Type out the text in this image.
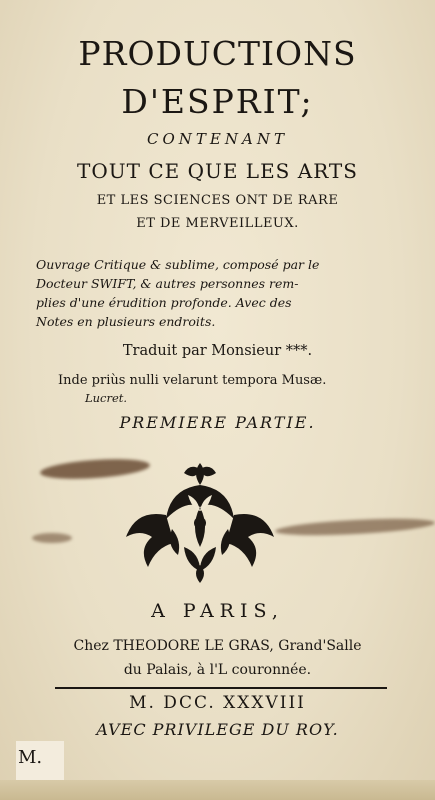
PRODUCTIONS
D'ESPRIT;
CONTENANT
TOUT CE QUE LES ARTS
ET LES SCIENCES ONT DE RARE
ET DE MERVEILLEUX.
Ouvrage Critique & sublime, composé par le
Docteur SWIFT, & autres personnes rem-
plies d'une érudition profonde. Avec des
Notes en plusieurs endroits.
Traduit par Monsieur ***.
Inde priùs nulli velarunt tempora Musæ.
Lucret.
PREMIERE PARTIE.
A PARIS,
Chez THEODORE LE GRAS, Grand'Salle
du Palais, à l'L couronnée.
M. DCC. XXXVIII
AVEC PRIVILEGE DU ROY.
M.
